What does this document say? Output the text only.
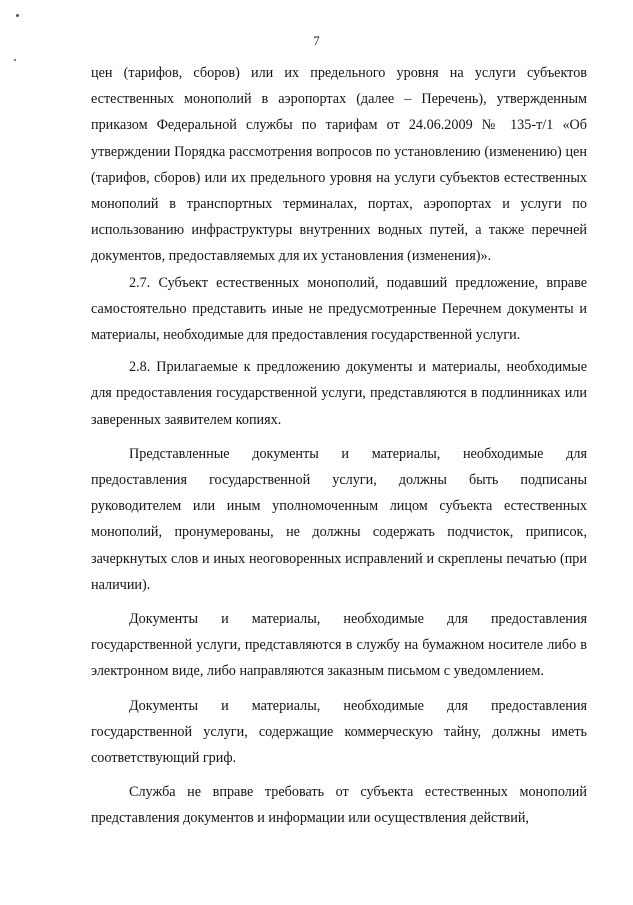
7

цен (тарифов, сборов) или их предельного уровня на услуги субъектов естественных монополий в аэропортах (далее – Перечень), утвержденным приказом Федеральной службы по тарифам от 24.06.2009 № 135-т/1 «Об утверждении Порядка рассмотрения вопросов по установлению (изменению) цен (тарифов, сборов) или их предельного уровня на услуги субъектов естественных монополий в транспортных терминалах, портах, аэропортах и услуги по использованию инфраструктуры внутренних водных путей, а также перечней документов, предоставляемых для их установления (изменения)».

2.7. Субъект естественных монополий, подавший предложение, вправе самостоятельно представить иные не предусмотренные Перечнем документы и материалы, необходимые для предоставления государственной услуги.

2.8. Прилагаемые к предложению документы и материалы, необходимые для предоставления государственной услуги, представляются в подлинниках или заверенных заявителем копиях.

Представленные документы и материалы, необходимые для предоставления государственной услуги, должны быть подписаны руководителем или иным уполномоченным лицом субъекта естественных монополий, пронумерованы, не должны содержать подчисток, приписок, зачеркнутых слов и иных неоговоренных исправлений и скреплены печатью (при наличии).

Документы и материалы, необходимые для предоставления государственной услуги, представляются в службу на бумажном носителе либо в электронном виде, либо направляются заказным письмом с уведомлением.

Документы и материалы, необходимые для предоставления государственной услуги, содержащие коммерческую тайну, должны иметь соответствующий гриф.

Служба не вправе требовать от субъекта естественных монополий представления документов и информации или осуществления действий,
